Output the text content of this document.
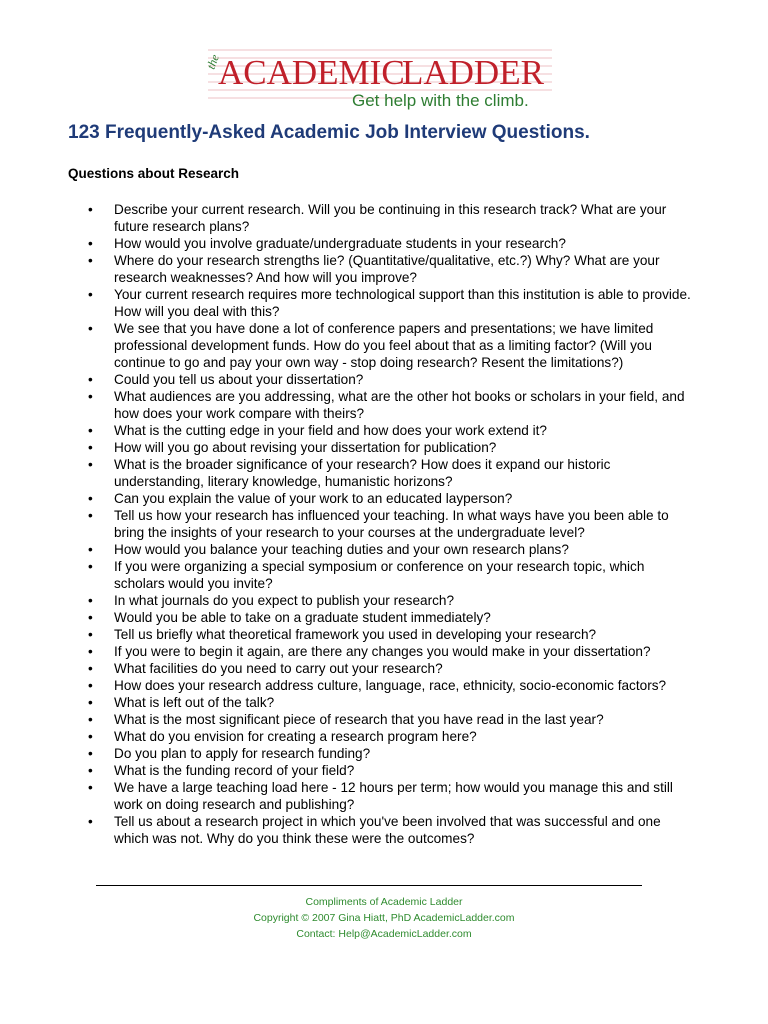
the
ACADEMIC
LADDER
Get help with the climb.
123 Frequently-Asked Academic Job Interview Questions.
Questions about Research
• Describe your current research. Will you be continuing in this research track? What are your future research plans?
• How would you involve graduate/undergraduate students in your research?
• Where do your research strengths lie? (Quantitative/qualitative, etc.?) Why? What are your research weaknesses? And how will you improve?
• Your current research requires more technological support than this institution is able to provide. How will you deal with this?
• We see that you have done a lot of conference papers and presentations; we have limited professional development funds. How do you feel about that as a limiting factor? (Will you continue to go and pay your own way - stop doing research? Resent the limitations?)
• Could you tell us about your dissertation?
• What audiences are you addressing, what are the other hot books or scholars in your field, and how does your work compare with theirs?
• What is the cutting edge in your field and how does your work extend it?
• How will you go about revising your dissertation for publication?
• What is the broader significance of your research? How does it expand our historic understanding, literary knowledge, humanistic horizons?
• Can you explain the value of your work to an educated layperson?
• Tell us how your research has influenced your teaching. In what ways have you been able to bring the insights of your research to your courses at the undergraduate level?
• How would you balance your teaching duties and your own research plans?
• If you were organizing a special symposium or conference on your research topic, which scholars would you invite?
• In what journals do you expect to publish your research?
• Would you be able to take on a graduate student immediately?
• Tell us briefly what theoretical framework you used in developing your research?
• If you were to begin it again, are there any changes you would make in your dissertation?
• What facilities do you need to carry out your research?
• How does your research address culture, language, race, ethnicity, socio-economic factors?
• What is left out of the talk?
• What is the most significant piece of research that you have read in the last year?
• What do you envision for creating a research program here?
• Do you plan to apply for research funding?
• What is the funding record of your field?
• We have a large teaching load here - 12 hours per term; how would you manage this and still work on doing research and publishing?
• Tell us about a research project in which you've been involved that was successful and one which was not. Why do you think these were the outcomes?
Compliments of Academic Ladder
Copyright © 2007 Gina Hiatt, PhD AcademicLadder.com
Contact: Help@AcademicLadder.com
